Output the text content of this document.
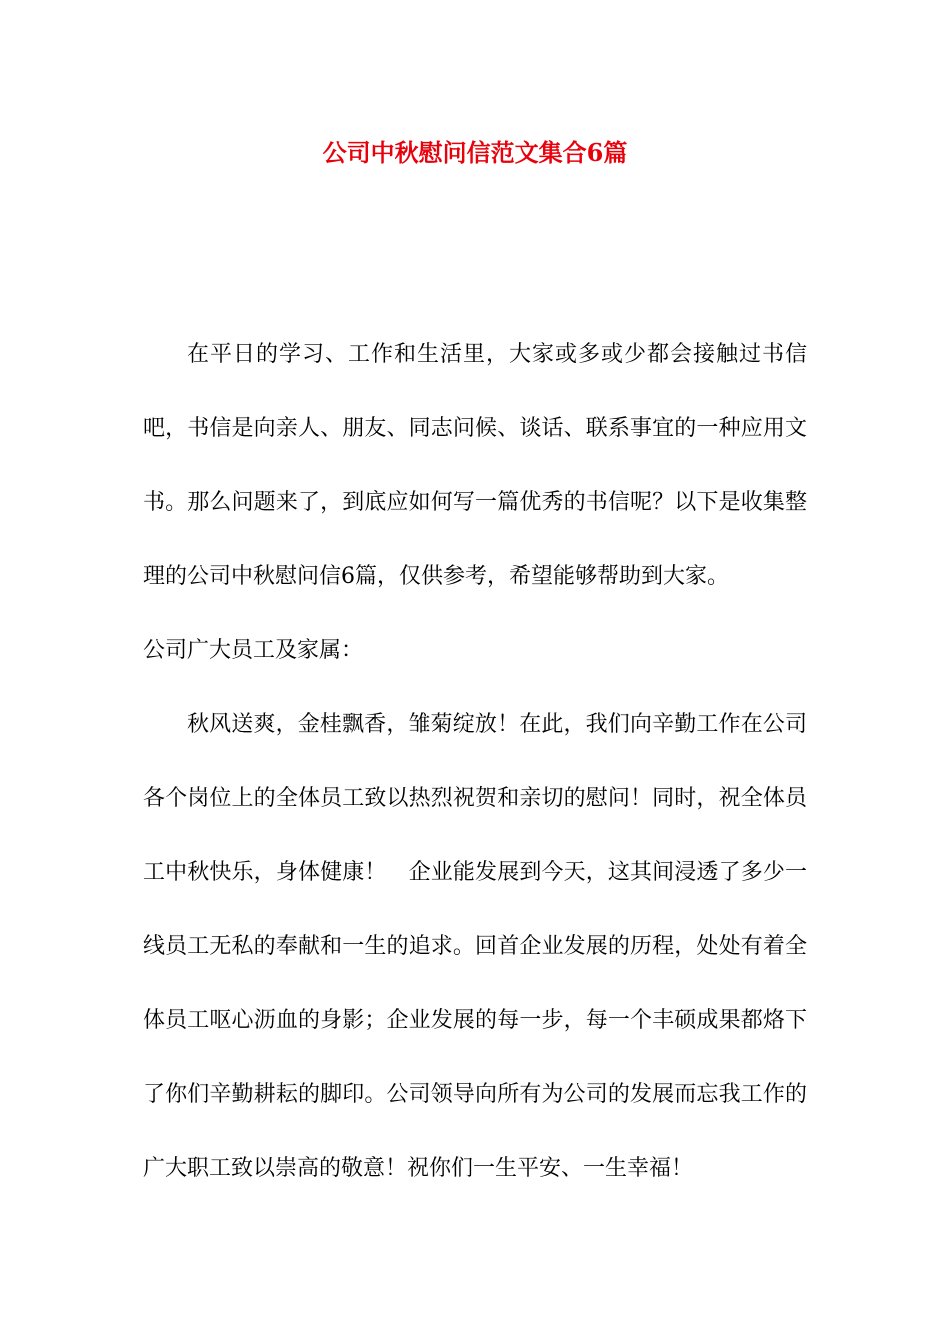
公司中秋慰问信范文集合6篇

在平日的学习、工作和生活里，大家或多或少都会接触过书信吧，书信是向亲人、朋友、同志问候、谈话、联系事宜的一种应用文书。那么问题来了，到底应如何写一篇优秀的书信呢？以下是收集整理的公司中秋慰问信6篇，仅供参考，希望能够帮助到大家。

公司广大员工及家属：

秋风送爽，金桂飘香，雏菊绽放！在此，我们向辛勤工作在公司各个岗位上的全体员工致以热烈祝贺和亲切的慰问！同时，祝全体员工中秋快乐，身体健康！　企业能发展到今天，这其间浸透了多少一线员工无私的奉献和一生的追求。回首企业发展的历程，处处有着全体员工呕心沥血的身影；企业发展的每一步，每一个丰硕成果都烙下了你们辛勤耕耘的脚印。公司领导向所有为公司的发展而忘我工作的广大职工致以崇高的敬意！祝你们一生平安、一生幸福！
